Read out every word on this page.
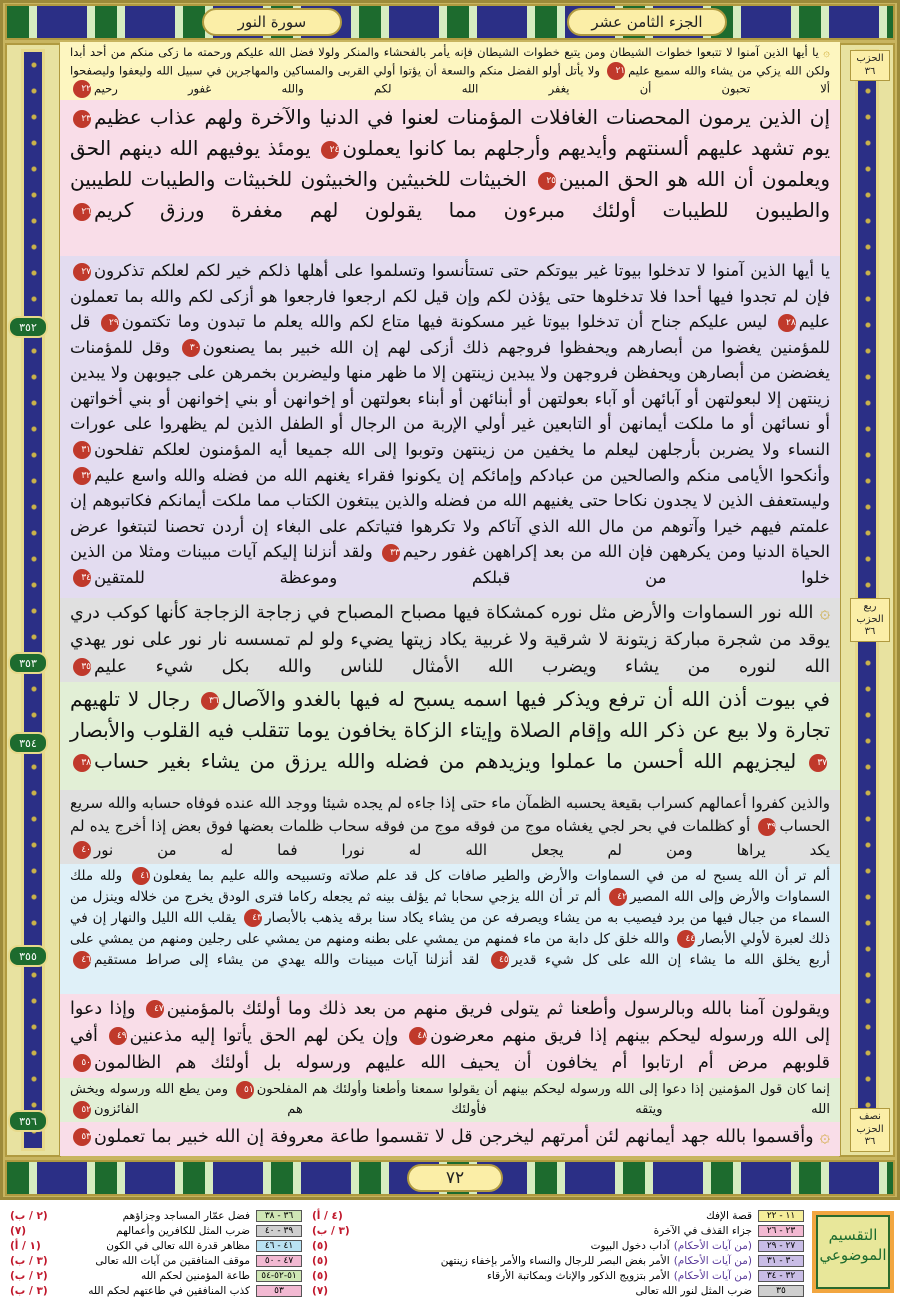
الجزء الثامن عشر
سورة النور
٧٢
۞ يا أيها الذين آمنوا لا تتبعوا خطوات الشيطان ومن يتبع خطوات الشيطان فإنه يأمر بالفحشاء والمنكر ولولا فضل الله عليكم ورحمته ما زكى منكم من أحد أبدا ولكن الله يزكي من يشاء والله سميع عليم٢١ ولا يأتل أولو الفضل منكم والسعة أن يؤتوا أولي القربى والمساكين والمهاجرين في سبيل الله وليعفوا وليصفحوا ألا تحبون أن يغفر الله لكم والله غفور رحيم٢٢
إن الذين يرمون المحصنات الغافلات المؤمنات لعنوا في الدنيا والآخرة ولهم عذاب عظيم٢٣ يوم تشهد عليهم ألسنتهم وأيديهم وأرجلهم بما كانوا يعملون٢٤ يومئذ يوفيهم الله دينهم الحق ويعلمون أن الله هو الحق المبين٢٥ الخبيثات للخبيثين والخبيثون للخبيثات والطيبات للطيبين والطيبون للطيبات أولئك مبرءون مما يقولون لهم مغفرة ورزق كريم٢٦
يا أيها الذين آمنوا لا تدخلوا بيوتا غير بيوتكم حتى تستأنسوا وتسلموا على أهلها ذلكم خير لكم لعلكم تذكرون٢٧ فإن لم تجدوا فيها أحدا فلا تدخلوها حتى يؤذن لكم وإن قيل لكم ارجعوا فارجعوا هو أزكى لكم والله بما تعملون عليم٢٨ ليس عليكم جناح أن تدخلوا بيوتا غير مسكونة فيها متاع لكم والله يعلم ما تبدون وما تكتمون٢٩ قل للمؤمنين يغضوا من أبصارهم ويحفظوا فروجهم ذلك أزكى لهم إن الله خبير بما يصنعون٣٠ وقل للمؤمنات يغضضن من أبصارهن ويحفظن فروجهن ولا يبدين زينتهن إلا ما ظهر منها وليضربن بخمرهن على جيوبهن ولا يبدين زينتهن إلا لبعولتهن أو آبائهن أو آباء بعولتهن أو أبنائهن أو أبناء بعولتهن أو إخوانهن أو بني إخوانهن أو بني أخواتهن أو نسائهن أو ما ملكت أيمانهن أو التابعين غير أولي الإربة من الرجال أو الطفل الذين لم يظهروا على عورات النساء ولا يضربن بأرجلهن ليعلم ما يخفين من زينتهن وتوبوا إلى الله جميعا أيه المؤمنون لعلكم تفلحون٣١ وأنكحوا الأيامى منكم والصالحين من عبادكم وإمائكم إن يكونوا فقراء يغنهم الله من فضله والله واسع عليم٣٢ وليستعفف الذين لا يجدون نكاحا حتى يغنيهم الله من فضله والذين يبتغون الكتاب مما ملكت أيمانكم فكاتبوهم إن علمتم فيهم خيرا وآتوهم من مال الله الذي آتاكم ولا تكرهوا فتياتكم على البغاء إن أردن تحصنا لتبتغوا عرض الحياة الدنيا ومن يكرههن فإن الله من بعد إكراههن غفور رحيم٣٣ ولقد أنزلنا إليكم آيات مبينات ومثلا من الذين خلوا من قبلكم وموعظة للمتقين٣٤
۞ الله نور السماوات والأرض مثل نوره كمشكاة فيها مصباح المصباح في زجاجة الزجاجة كأنها كوكب دري يوقد من شجرة مباركة زيتونة لا شرقية ولا غربية يكاد زيتها يضيء ولو لم تمسسه نار نور على نور يهدي الله لنوره من يشاء ويضرب الله الأمثال للناس والله بكل شيء عليم٣٥
في بيوت أذن الله أن ترفع ويذكر فيها اسمه يسبح له فيها بالغدو والآصال٣٦ رجال لا تلهيهم تجارة ولا بيع عن ذكر الله وإقام الصلاة وإيتاء الزكاة يخافون يوما تتقلب فيه القلوب والأبصار٣٧ ليجزيهم الله أحسن ما عملوا ويزيدهم من فضله والله يرزق من يشاء بغير حساب٣٨
والذين كفروا أعمالهم كسراب بقيعة يحسبه الظمآن ماء حتى إذا جاءه لم يجده شيئا ووجد الله عنده فوفاه حسابه والله سريع الحساب٣٩ أو كظلمات في بحر لجي يغشاه موج من فوقه موج من فوقه سحاب ظلمات بعضها فوق بعض إذا أخرج يده لم يكد يراها ومن لم يجعل الله له نورا فما له من نور٤٠
ألم تر أن الله يسبح له من في السماوات والأرض والطير صافات كل قد علم صلاته وتسبيحه والله عليم بما يفعلون٤١ ولله ملك السماوات والأرض وإلى الله المصير٤٢ ألم تر أن الله يزجي سحابا ثم يؤلف بينه ثم يجعله ركاما فترى الودق يخرج من خلاله وينزل من السماء من جبال فيها من برد فيصيب به من يشاء ويصرفه عن من يشاء يكاد سنا برقه يذهب بالأبصار٤٣ يقلب الله الليل والنهار إن في ذلك لعبرة لأولي الأبصار٤٤ والله خلق كل دابة من ماء فمنهم من يمشي على بطنه ومنهم من يمشي على رجلين ومنهم من يمشي على أربع يخلق الله ما يشاء إن الله على كل شيء قدير٤٥ لقد أنزلنا آيات مبينات والله يهدي من يشاء إلى صراط مستقيم٤٦
ويقولون آمنا بالله وبالرسول وأطعنا ثم يتولى فريق منهم من بعد ذلك وما أولئك بالمؤمنين٤٧ وإذا دعوا إلى الله ورسوله ليحكم بينهم إذا فريق منهم معرضون٤٨ وإن يكن لهم الحق يأتوا إليه مذعنين٤٩ أفي قلوبهم مرض أم ارتابوا أم يخافون أن يحيف الله عليهم ورسوله بل أولئك هم الظالمون٥٠
إنما كان قول المؤمنين إذا دعوا إلى الله ورسوله ليحكم بينهم أن يقولوا سمعنا وأطعنا وأولئك هم المفلحون٥١ ومن يطع الله ورسوله ويخش الله ويتقه فأولئك هم الفائزون٥٢
۞ وأقسموا بالله جهد أيمانهم لئن أمرتهم ليخرجن قل لا تقسموا طاعة معروفة إن الله خبير بما تعملون٥٣
الحزب
٣٦
ربع الحزب
٣٦
نصف الحزب
٣٦
٣٥٢
٣٥٣
٣٥٤
٣٥٥
٣٥٦
١١ - ٢٢
قصة الإفك
(٤ / أ)
٢٣ - ٢٦
جزاء القذف في الآخرة
(٣ / ب)
٢٧ - ٢٩
(من آيات الأحكام)
آداب دخول البيوت
(٥)
٣٠ - ٣١
(من آيات الأحكام)
الأمر بغض البصر للرجال والنساء والأمر بإخفاء زينتهن
(٥)
٣٢ - ٣٤
(من آيات الأحكام)
الأمر بتزويج الذكور والإناث وبمكاتبة الأرقاء
(٥)
٣٥
ضرب المثل لنور الله تعالى
(٧)
٣٦ - ٣٨
فضل عمّار المساجد وجزاؤهم
(٢ / ب)
٣٩ - ٤٠
ضرب المثل للكافرين وأعمالهم
(٧)
٤١ - ٤٦
مظاهر قدرة الله تعالى في الكون
(١ / أ)
٤٧ - ٥٠
موقف المنافقين من آيات الله تعالى
(٣ / ب)
٥١-٥٢-٥٤
طاعة المؤمنين لحكم الله
(٢ / ب)
٥٣
كذب المنافقين في طاعتهم لحكم الله
(٣ / ب)
التقسيم الموضوعي
